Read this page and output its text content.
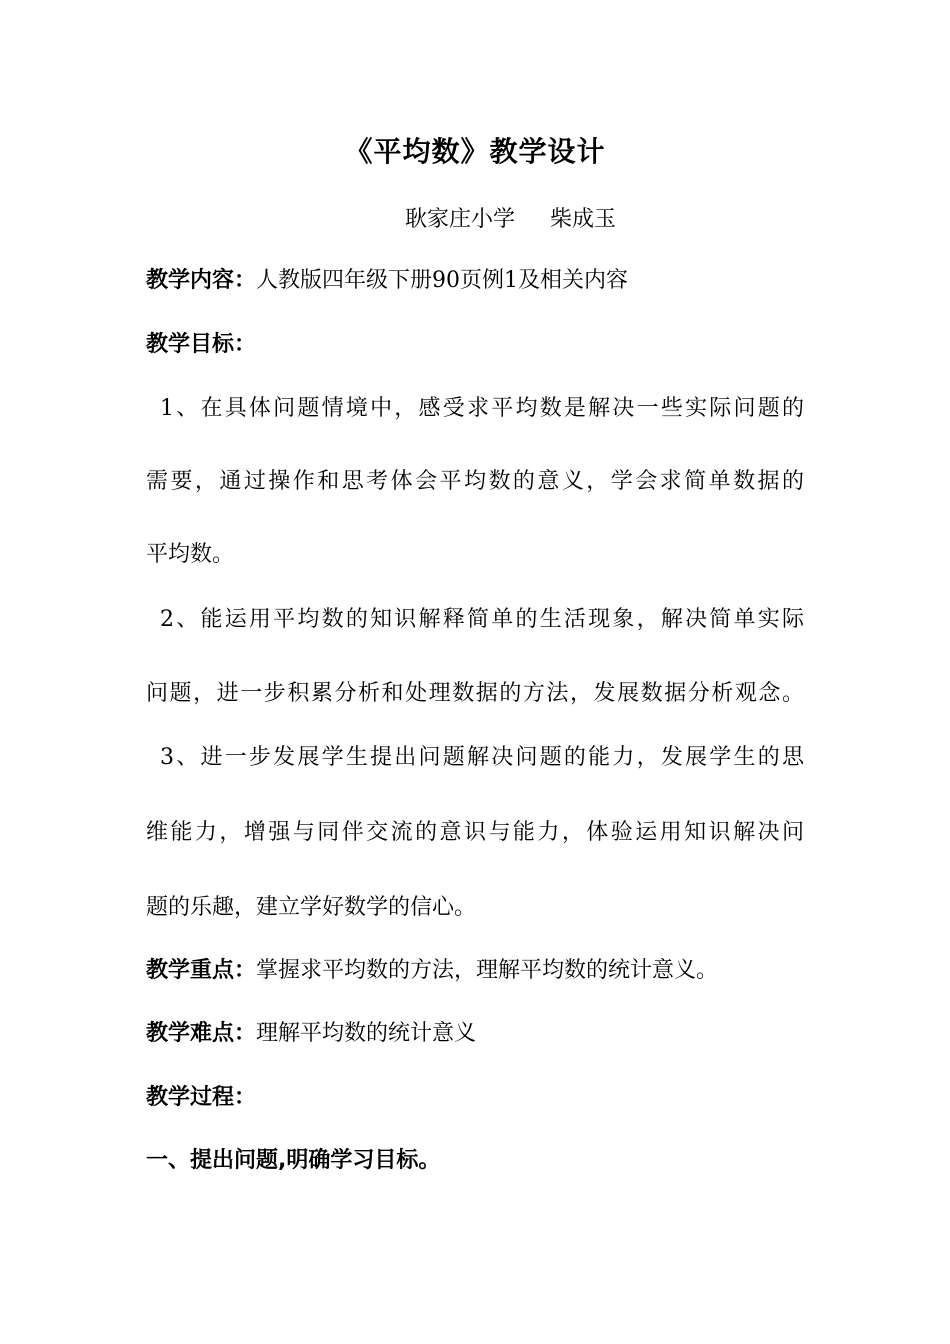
《平均数》教学设计
耿家庄小学     柴成玉
教学内容：人教版四年级下册90页例1及相关内容
教学目标：
1、在具体问题情境中，感受求平均数是解决一些实际问题的
需要，通过操作和思考体会平均数的意义，学会求简单数据的
平均数。
2、能运用平均数的知识解释简单的生活现象，解决简单实际
问题，进一步积累分析和处理数据的方法，发展数据分析观念。
3、进一步发展学生提出问题解决问题的能力，发展学生的思
维能力，增强与同伴交流的意识与能力，体验运用知识解决问
题的乐趣，建立学好数学的信心。
教学重点：掌握求平均数的方法，理解平均数的统计意义。
教学难点：理解平均数的统计意义
教学过程：
一、提出问题,明确学习目标。
